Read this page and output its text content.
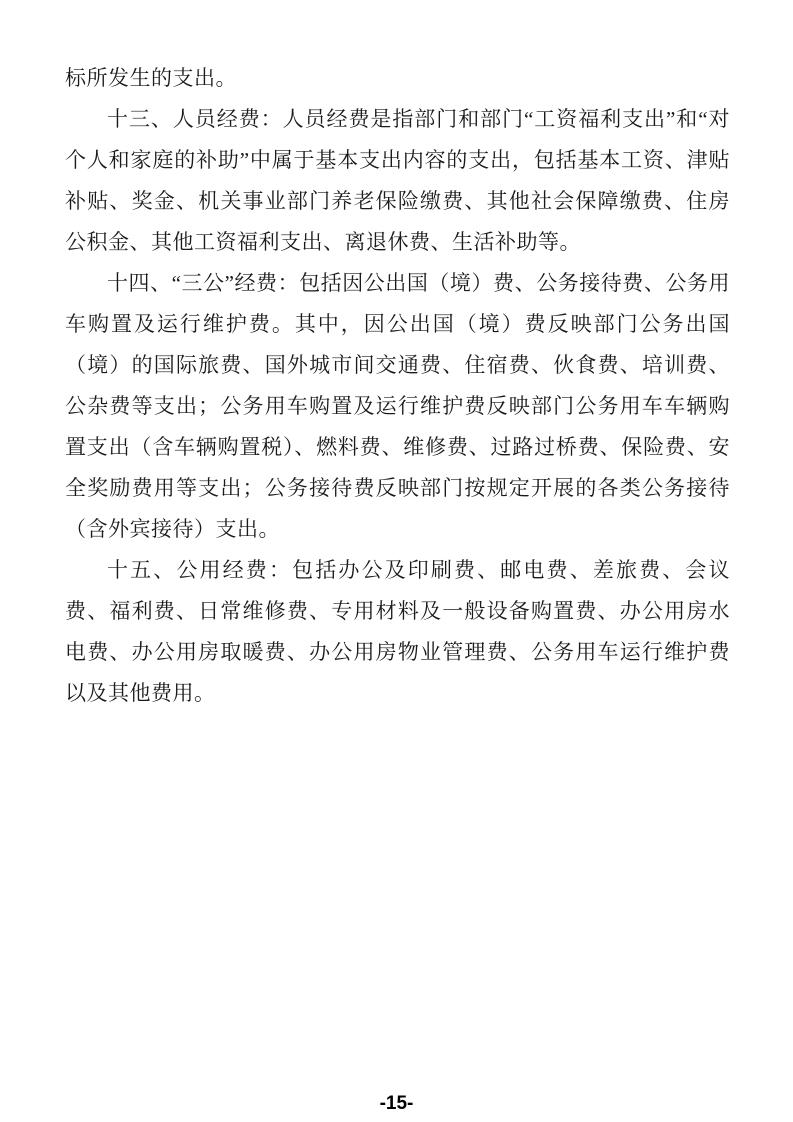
标所发生的支出。

十三、人员经费：人员经费是指部门和部门“工资福利支出”和“对个人和家庭的补助”中属于基本支出内容的支出，包括基本工资、津贴补贴、奖金、机关事业部门养老保险缴费、其他社会保障缴费、住房公积金、其他工资福利支出、离退休费、生活补助等。

十四、“三公”经费：包括因公出国（境）费、公务接待费、公务用车购置及运行维护费。其中，因公出国（境）费反映部门公务出国（境）的国际旅费、国外城市间交通费、住宿费、伙食费、培训费、公杂费等支出；公务用车购置及运行维护费反映部门公务用车车辆购置支出（含车辆购置税）、燃料费、维修费、过路过桥费、保险费、安全奖励费用等支出；公务接待费反映部门按规定开展的各类公务接待（含外宾接待）支出。

十五、公用经费：包括办公及印刷费、邮电费、差旅费、会议费、福利费、日常维修费、专用材料及一般设备购置费、办公用房水电费、办公用房取暖费、办公用房物业管理费、公务用车运行维护费以及其他费用。

-15-
